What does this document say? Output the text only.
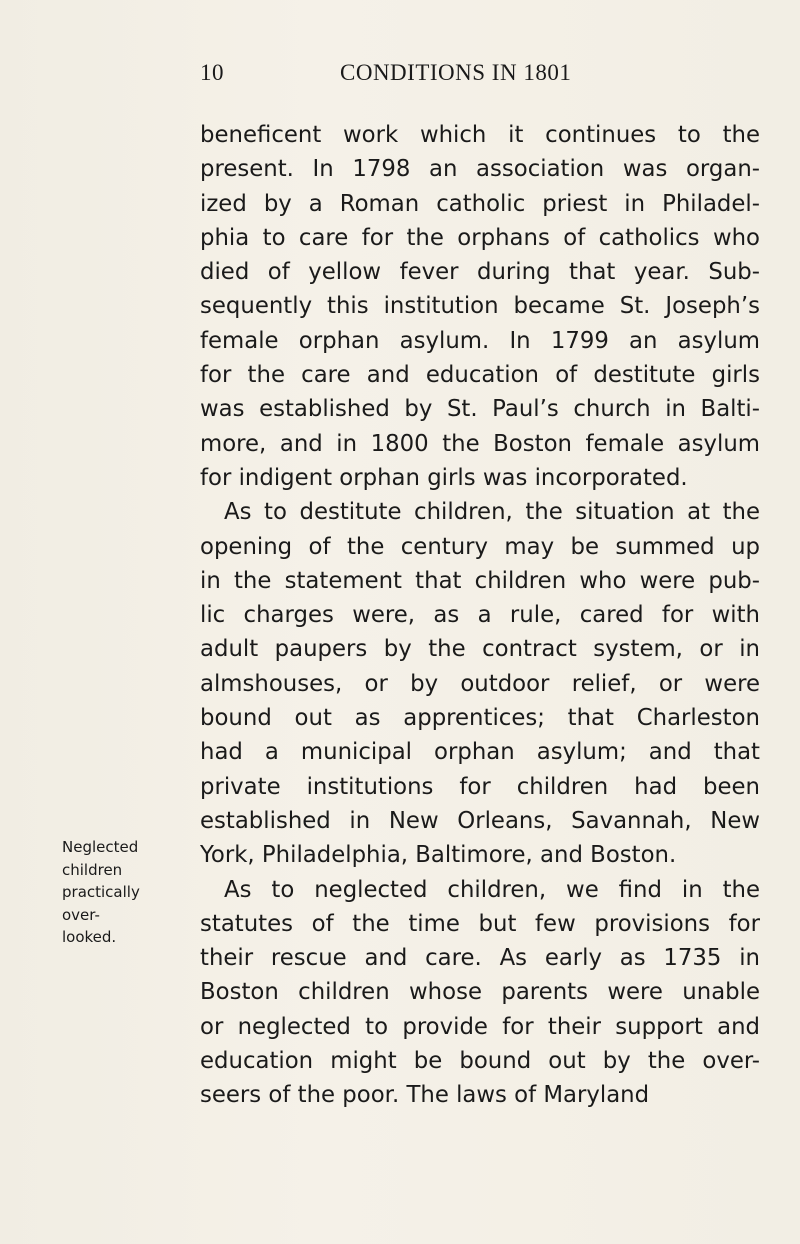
10	CONDITIONS IN 1801
beneficent work which it continues to the
present. In 1798 an association was organ-
ized by a Roman catholic priest in Philadel-
phia to care for the orphans of catholics who
died of yellow fever during that year. Sub-
sequently this institution became St. Joseph’s
female orphan asylum. In 1799 an asylum
for the care and education of destitute girls
was established by St. Paul’s church in Balti-
more, and in 1800 the Boston female asylum
for indigent orphan girls was incorporated.
As to destitute children, the situation at the
opening of the century may be summed up
in the statement that children who were pub-
lic charges were, as a rule, cared for with
adult paupers by the contract system, or in
almshouses, or by outdoor relief, or were
bound out as apprentices; that Charleston
had a municipal orphan asylum; and that
private institutions for children had been
established in New Orleans, Savannah, New
York, Philadelphia, Baltimore, and Boston.
As to neglected children, we find in the
statutes of the time but few provisions for
their rescue and care. As early as 1735 in
Boston children whose parents were unable
or neglected to provide for their support and
education might be bound out by the over-
seers of the poor. The laws of Maryland
Neglected
children
practically
over-
looked.
